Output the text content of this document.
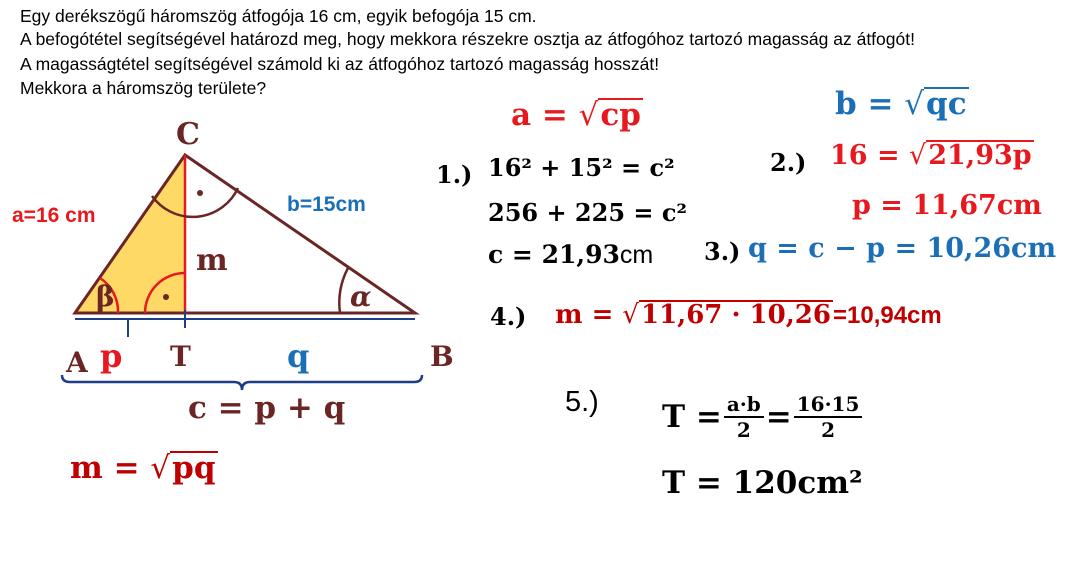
Egy derékszögű háromszög átfogója 16 cm, egyik befogója 15 cm.
A befogótétel segítségével határozd meg, hogy mekkora részekre osztja az átfogóhoz tartozó magasság az átfogót!
A magasságtétel segítségével számold ki az átfogóhoz tartozó magasság hosszát!
Mekkora a háromszög területe?
C
A	B
T
a=16 cm	b=15cm
m
β	α
p	q
c = p + q
m = √pq
a = √cp	b = √qc
1.) 16² + 15² = c²
256 + 225 = c²
c = 21,93cm
2.) 16 = √21,93p
p = 11,67cm
3.) q = c − p = 10,26cm
4.) m = √11,67 · 10,26=10,94cm
5.) $T = \frac{a\cdot b}{2} = \frac{16\cdot 15}{2}$
T = 120cm²
